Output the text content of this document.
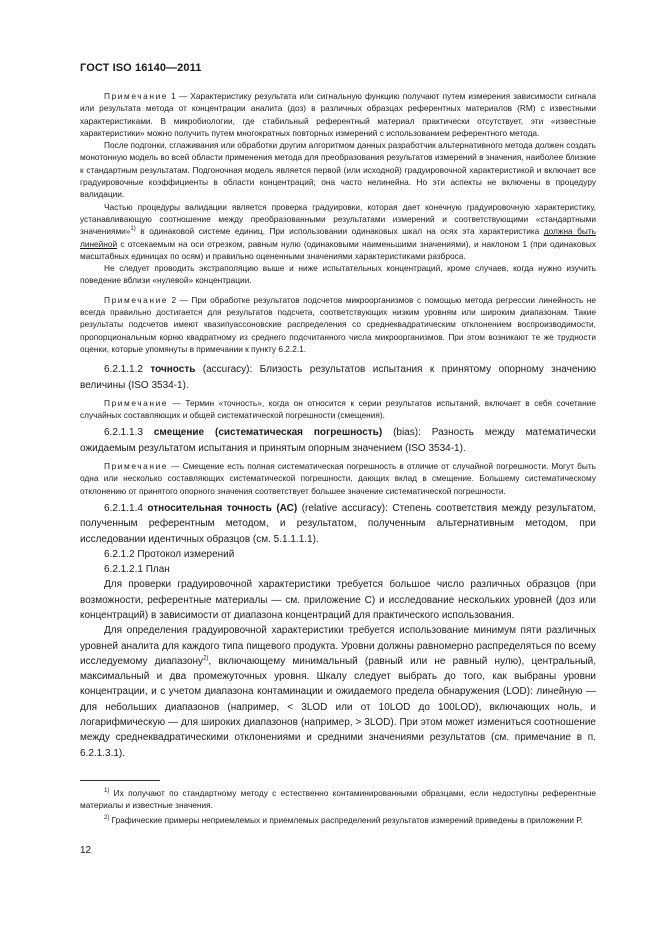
ГОСТ ISO 16140—2011

Примечание 1 — Характеристику результата или сигнальную функцию получают путем измерения зависимости сигнала или результата метода от концентрации аналита (доз) в различных образцах референтных материалов (RM) с известными характеристиками. В микробиологии, где стабильный референтный материал практически отсутствует, эти «известные характеристики» можно получить путем многократных повторных измерений с использованием референтного метода.

После подгонки, сглаживания или обработки другим алгоритмом данных разработчик альтернативного метода должен создать монотонную модель во всей области применения метода для преобразования результатов измерений в значения, наиболее близкие к стандартным результатам. Подгоночная модель является первой (или исходной) градуировочной характеристикой и включает все градуировочные коэффициенты в области концентраций; она часто нелинейна. Но эти аспекты не включены в процедуру валидации.

Частью процедуры валидации является проверка градуировки, которая дает конечную градуировочную характеристику, устанавливающую соотношение между преобразованными результатами измерений и соответствующими «стандартными значениями»$^{1)}$ в одинаковой системе единиц. При использовании одинаковых шкал на осях эта характеристика должна быть линейной с отсекаемым на оси отрезком, равным нулю (одинаковыми наименьшими значениями), и наклоном 1 (при одинаковых масштабных единицах по осям) и правильно оцененными значениями характеристиками разброса.

Не следует проводить экстраполяцию выше и ниже испытательных концентраций, кроме случаев, когда нужно изучить поведение вблизи «нулевой» концентрации.

Примечание 2 — При обработке результатов подсчетов микроорганизмов с помощью метода регрессии линейность не всегда правильно достигается для результатов подсчета, соответствующих низким уровням или широким диапазонам. Такие результаты подсчетов имеют квазипуассоновские распределения со среднеквадратическим отклонением воспроизводимости, пропорциональным корню квадратному из среднего подсчитанного числа микроорганизмов. При этом возникают те же трудности оценки, которые упомянуты в примечании к пункту 6.2.2.1.

6.2.1.1.2 точность (accuracy): Близость результатов испытания к принятому опорному значению величины (ISO 3534-1).

Примечание — Термин «точность», когда он относится к серии результатов испытаний, включает в себя сочетание случайных составляющих и общей систематической погрешности (смещения).

6.2.1.1.3 смещение (систематическая погрешность) (bias): Разность между математически ожидаемым результатом испытания и принятым опорным значением (ISO 3534-1).

Примечание — Смещение есть полная систематическая погрешность в отличие от случайной погрешности. Могут быть одна или несколько составляющих систематической погрешности, дающих вклад в смещение. Большему систематическому отклонению от принятого опорного значения соответствует большее значение систематической погрешности.

6.2.1.1.4 относительная точность (АС) (relative accuracy): Степень соответствия между результатом, полученным референтным методом, и результатом, полученным альтернативным методом, при исследовании идентичных образцов (см. 5.1.1.1.1).

6.2.1.2 Протокол измерений

6.2.1.2.1 План

Для проверки градуировочной характеристики требуется большое число различных образцов (при возможности, референтные материалы — см. приложение С) и исследование нескольких уровней (доз или концентраций) в зависимости от диапазона концентраций для практического использования.

Для определения градуировочной характеристики требуется использование минимум пяти различных уровней аналита для каждого типа пищевого продукта. Уровни должны равномерно распределяться по всему исследуемому диапазону$^{2)}$, включающему минимальный (равный или не равный нулю), центральный, максимальный и два промежуточных уровня. Шкалу следует выбрать до того, как выбраны уровни концентрации, и с учетом диапазона контаминации и ожидаемого предела обнаружения (LOD): линейную — для небольших диапазонов (например, < 3LOD или от 10LOD до 100LOD), включающих ноль, и логарифмическую — для широких диапазонов (например, > 3LOD). При этом может измениться соотношение между среднеквадратическими отклонениями и средними значениями результатов (см. примечание в п. 6.2.1.3.1).

$^{1)}$ Их получают по стандартному методу с естественно контаминированными образцами, если недоступны референтные материалы и известные значения.

$^{2)}$ Графические примеры неприемлемых и приемлемых распределений результатов измерений приведены в приложении Р.

12
